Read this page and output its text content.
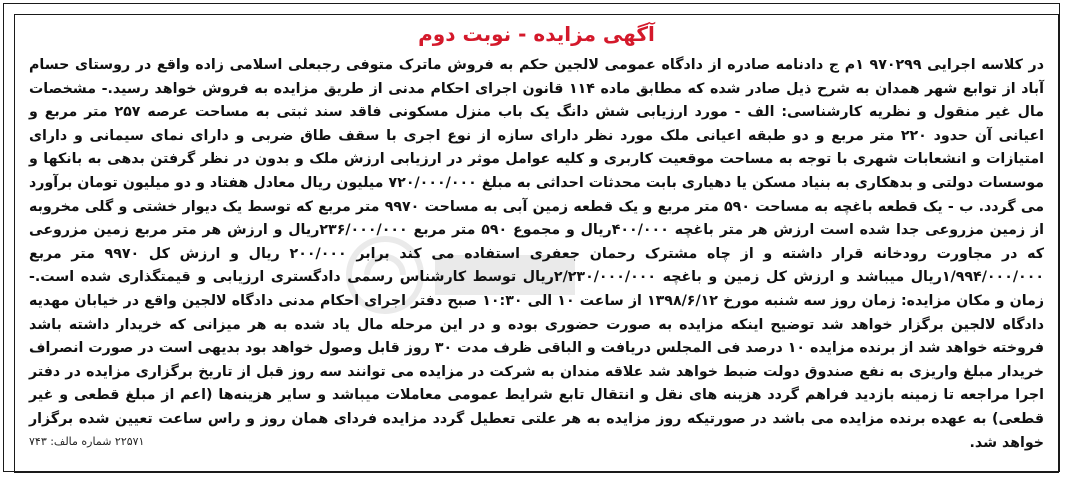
آگهی مزایده - نوبت دوم
در کلاسه اجرایی ۹۷۰۲۹۹ ۱م ج دادنامه صادره از دادگاه عمومی لالجین حکم به فروش ماترک متوفی رجبعلی اسلامی زاده واقع در روستای حسام آباد از توابع شهر همدان به شرح ذیل صادر شده که مطابق ماده ۱۱۴ قانون اجرای احکام مدنی از طریق مزایده به فروش خواهد رسید.- مشخصات مال غیر منقول و نظریه کارشناسی: الف - مورد ارزیابی شش دانگ یک باب منزل مسکونی فاقد سند ثبتی به مساحت عرصه ۲۵۷ متر مربع و اعیانی آن حدود ۲۲۰ متر مربع و دو طبقه اعیانی ملک مورد نظر دارای سازه از نوع اجری با سقف طاق ضربی و دارای نمای سیمانی و دارای امتیازات و انشعابات شهری با توجه به مساحت موقعیت کاربری و کلیه عوامل موثر در ارزیابی ارزش ملک و بدون در نظر گرفتن بدهی به بانکها و موسسات دولتی و بدهکاری به بنیاد مسکن یا دهیاری بابت محدثات احداثی به مبلغ ۷۲۰/۰۰۰/۰۰۰ میلیون ریال معادل هفتاد و دو میلیون تومان برآورد می گردد. ب - یک قطعه باغچه به مساحت ۵۹۰ متر مربع و یک قطعه زمین آبی به مساحت ۹۹۷۰ متر مربع که توسط یک دیوار خشتی و گلی مخروبه از زمین مزروعی جدا شده است ارزش هر متر باغچه ۴۰۰/۰۰۰ریال و مجموع ۵۹۰ متر مربع ۲۳۶/۰۰۰/۰۰۰ریال و ارزش هر متر مربع زمین مزروعی که در مجاورت رودخانه قرار داشته و از چاه مشترک رحمان جعفری استفاده می کند برابر ۲۰۰/۰۰۰ ریال و ارزش کل ۹۹۷۰ متر مربع ۱/۹۹۴/۰۰۰/۰۰۰ریال میباشد و ارزش کل زمین و باغچه ۲/۲۳۰/۰۰۰/۰۰۰ریال توسط کارشناس رسمی دادگستری ارزیابی و قیمتگذاری شده است.- زمان و مکان مزایده: زمان روز سه شنبه مورخ ۱۳۹۸/۶/۱۲ از ساعت ۱۰ الی ۱۰:۳۰ صبح دفتر اجرای احکام مدنی دادگاه لالجین واقع در خیابان مهدیه دادگاه لالجین برگزار خواهد شد توضیح اینکه مزایده به صورت حضوری بوده و در این مرحله مال یاد شده به هر میزانی که خریدار داشته باشد فروخته خواهد شد از برنده مزایده ۱۰ درصد فی المجلس دریافت و الباقی ظرف مدت ۳۰ روز قابل وصول خواهد بود بدیهی است در صورت انصراف خریدار مبلغ واریزی به نفع صندوق دولت ضبط خواهد شد علاقه مندان به شرکت در مزایده می توانند سه روز قبل از تاریخ برگزاری مزایده در دفتر اجرا مراجعه تا زمینه بازدید فراهم گردد هزینه های نقل و انتقال تابع شرایط عمومی معاملات میباشد و سایر هزینه‌ها (اعم از مبلغ قطعی و غیر قطعی) به عهده برنده مزایده می باشد در صورتیکه روز مزایده به هر علتی تعطیل گردد مزایده فردای همان روز و راس ساعت تعیین شده برگزار خواهد شد.
۲۲۵۷۱ شماره مالف: ۷۴۳
